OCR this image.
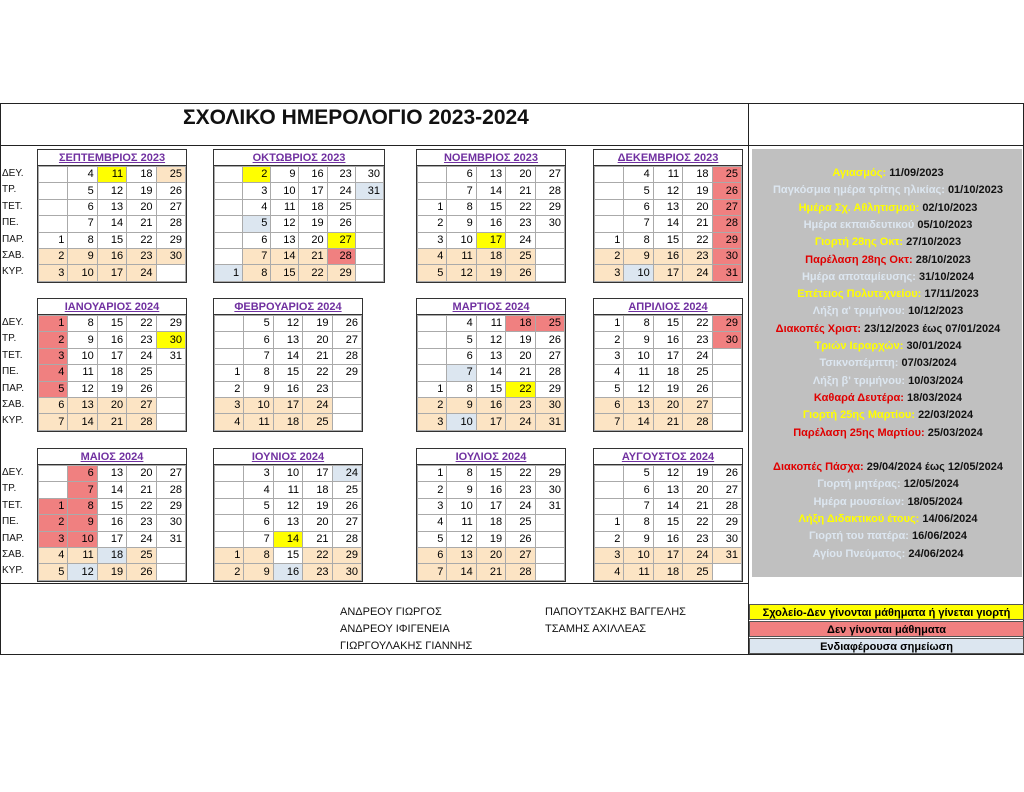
ΣΧΟΛΙΚΟ ΗΜΕΡΟΛΟΓΙΟ 2023-2024
ΣΕΠΤΕΜΒΡΙΟΣ 2023
	4	11	18	25
	5	12	19	26
	6	13	20	27
	7	14	21	28
1	8	15	22	29
2	9	16	23	30
3	10	17	24	
ΟΚΤΩΒΡΙΟΣ 2023
	2	9	16	23	30
	3	10	17	24	31
	4	11	18	25	
	5	12	19	26	
	6	13	20	27	
	7	14	21	28	
1	8	15	22	29	
ΝΟΕΜΒΡΙΟΣ 2023
	6	13	20	27
	7	14	21	28
1	8	15	22	29
2	9	16	23	30
3	10	17	24	
4	11	18	25	
5	12	19	26	
ΔΕΚΕΜΒΡΙΟΣ 2023
	4	11	18	25
	5	12	19	26
	6	13	20	27
	7	14	21	28
1	8	15	22	29
2	9	16	23	30
3	10	17	24	31
ΙΑΝΟΥΑΡΙΟΣ 2024
1	8	15	22	29
2	9	16	23	30
3	10	17	24	31
4	11	18	25	
5	12	19	26	
6	13	20	27	
7	14	21	28	
ΦΕΒΡΟΥΑΡΙΟΣ 2024
	5	12	19	26
	6	13	20	27
	7	14	21	28
1	8	15	22	29
2	9	16	23	
3	10	17	24	
4	11	18	25	
ΜΑΡΤΙΟΣ 2024
	4	11	18	25
	5	12	19	26
	6	13	20	27
	7	14	21	28
1	8	15	22	29
2	9	16	23	30
3	10	17	24	31
ΑΠΡΙΛΙΟΣ 2024
1	8	15	22	29
2	9	16	23	30
3	10	17	24	
4	11	18	25	
5	12	19	26	
6	13	20	27	
7	14	21	28	
ΜΑΙΟΣ 2024
	6	13	20	27
	7	14	21	28
1	8	15	22	29
2	9	16	23	30
3	10	17	24	31
4	11	18	25	
5	12	19	26	
ΙΟΥΝΙΟΣ 2024
	3	10	17	24
	4	11	18	25
	5	12	19	26
	6	13	20	27
	7	14	21	28
1	8	15	22	29
2	9	16	23	30
ΙΟΥΛΙΟΣ 2024
1	8	15	22	29
2	9	16	23	30
3	10	17	24	31
4	11	18	25	
5	12	19	26	
6	13	20	27	
7	14	21	28	
ΑΥΓΟΥΣΤΟΣ 2024
	5	12	19	26
	6	13	20	27
	7	14	21	28
1	8	15	22	29
2	9	16	23	30
3	10	17	24	31
4	11	18	25	
ΔΕΥ.
ΤΡ.
ΤΕΤ.
ΠΕ.
ΠΑΡ.
ΣΑΒ.
ΚΥΡ.
ΔΕΥ.
ΤΡ.
ΤΕΤ.
ΠΕ.
ΠΑΡ.
ΣΑΒ.
ΚΥΡ.
ΔΕΥ.
ΤΡ.
ΤΕΤ.
ΠΕ.
ΠΑΡ.
ΣΑΒ.
ΚΥΡ.
Αγιασμός: 11/09/2023
Παγκόσμια ημέρα τρίτης ηλικίας: 01/10/2023
Ημέρα Σχ. Αθλητισμού: 02/10/2023
Ημέρα εκπαιδευτικού 05/10/2023
Γιορτή 28ης Οκτ: 27/10/2023
Παρέλαση 28ης Οκτ: 28/10/2023
Ημέρα αποταμίευσης: 31/10/2024
Επέτειος Πολυτεχνείου: 17/11/2023
Λήξη α' τριμήνου: 10/12/2023
Διακοπές Χριστ: 23/12/2023 έως 07/01/2024
Τριών Ιεραρχών: 30/01/2024
Τσικνοπέμπτη: 07/03/2024
Λήξη β' τριμήνου: 10/03/2024
Καθαρά Δευτέρα: 18/03/2024
Γιορτή 25ης Μαρτίου: 22/03/2024
Παρέλαση 25ης Μαρτίου: 25/03/2024
Διακοπές Πάσχα: 29/04/2024 έως 12/05/2024
Γιορτή μητέρας: 12/05/2024
Ημέρα μουσείων: 18/05/2024
Λήξη Διδακτικού έτους: 14/06/2024
Γιορτή του πατέρα: 16/06/2024
Αγίου Πνεύματος: 24/06/2024
Σχολείο-Δεν γίνονται μάθηματα ή γίνεται γιορτή
Δεν γίνονται μάθηματα
Ενδιαφέρουσα σημείωση
ΑΝΔΡΕΟΥ ΓΙΩΡΓΟΣ
ΑΝΔΡΕΟΥ ΙΦΙΓΕΝΕΙΑ
ΓΙΩΡΓΟΥΛΑΚΗΣ ΓΙΑΝΝΗΣ
ΠΑΠΟΥΤΣΑΚΗΣ ΒΑΓΓΕΛΗΣ
ΤΣΑΜΗΣ ΑΧΙΛΛΕΑΣ
